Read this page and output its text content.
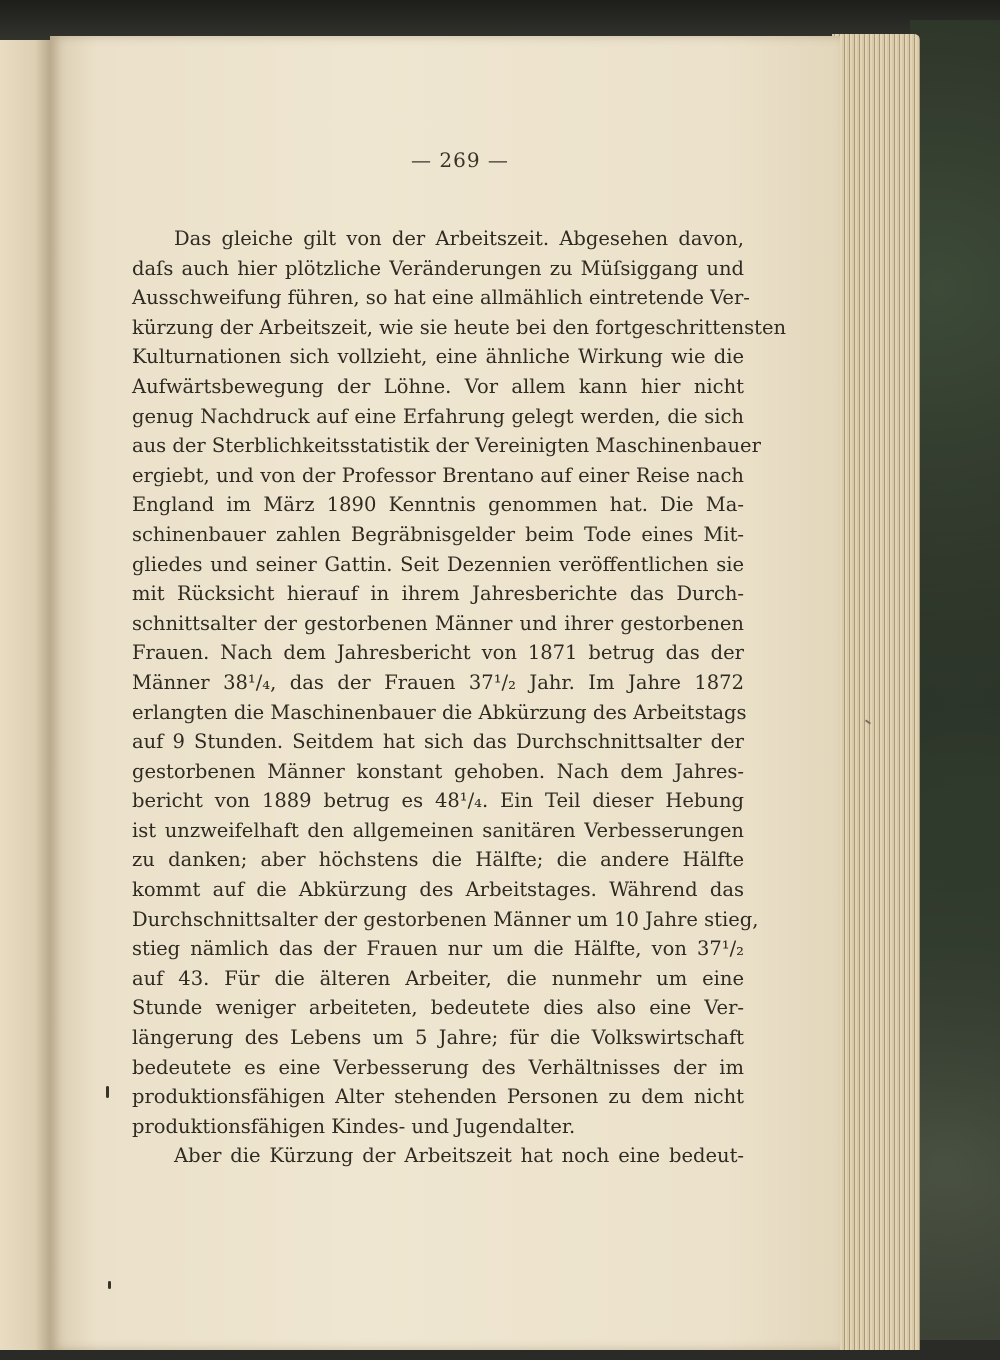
— 269 —
Das gleiche gilt von der Arbeitszeit. Abgesehen davon,
daſs auch hier plötzliche Veränderungen zu Müſsiggang und
Ausschweifung führen, so hat eine allmählich eintretende Ver-
kürzung der Arbeitszeit, wie sie heute bei den fortgeschrittensten
Kulturnationen sich vollzieht, eine ähnliche Wirkung wie die
Aufwärtsbewegung der Löhne. Vor allem kann hier nicht
genug Nachdruck auf eine Erfahrung gelegt werden, die sich
aus der Sterblichkeitsstatistik der Vereinigten Maschinenbauer
ergiebt, und von der Professor Brentano auf einer Reise nach
England im März 1890 Kenntnis genommen hat. Die Ma-
schinenbauer zahlen Begräbnisgelder beim Tode eines Mit-
gliedes und seiner Gattin. Seit Dezennien veröffentlichen sie
mit Rücksicht hierauf in ihrem Jahresberichte das Durch-
schnittsalter der gestorbenen Männer und ihrer gestorbenen
Frauen. Nach dem Jahresbericht von 1871 betrug das der
Männer 38¹/₄, das der Frauen 37¹/₂ Jahr. Im Jahre 1872
erlangten die Maschinenbauer die Abkürzung des Arbeitstags
auf 9 Stunden. Seitdem hat sich das Durchschnittsalter der
gestorbenen Männer konstant gehoben. Nach dem Jahres-
bericht von 1889 betrug es 48¹/₄. Ein Teil dieser Hebung
ist unzweifelhaft den allgemeinen sanitären Verbesserungen
zu danken; aber höchstens die Hälfte; die andere Hälfte
kommt auf die Abkürzung des Arbeitstages. Während das
Durchschnittsalter der gestorbenen Männer um 10 Jahre stieg,
stieg nämlich das der Frauen nur um die Hälfte, von 37¹/₂
auf 43. Für die älteren Arbeiter, die nunmehr um eine
Stunde weniger arbeiteten, bedeutete dies also eine Ver-
längerung des Lebens um 5 Jahre; für die Volkswirtschaft
bedeutete es eine Verbesserung des Verhältnisses der im
produktionsfähigen Alter stehenden Personen zu dem nicht
produktionsfähigen Kindes- und Jugendalter.
Aber die Kürzung der Arbeitszeit hat noch eine bedeut-
